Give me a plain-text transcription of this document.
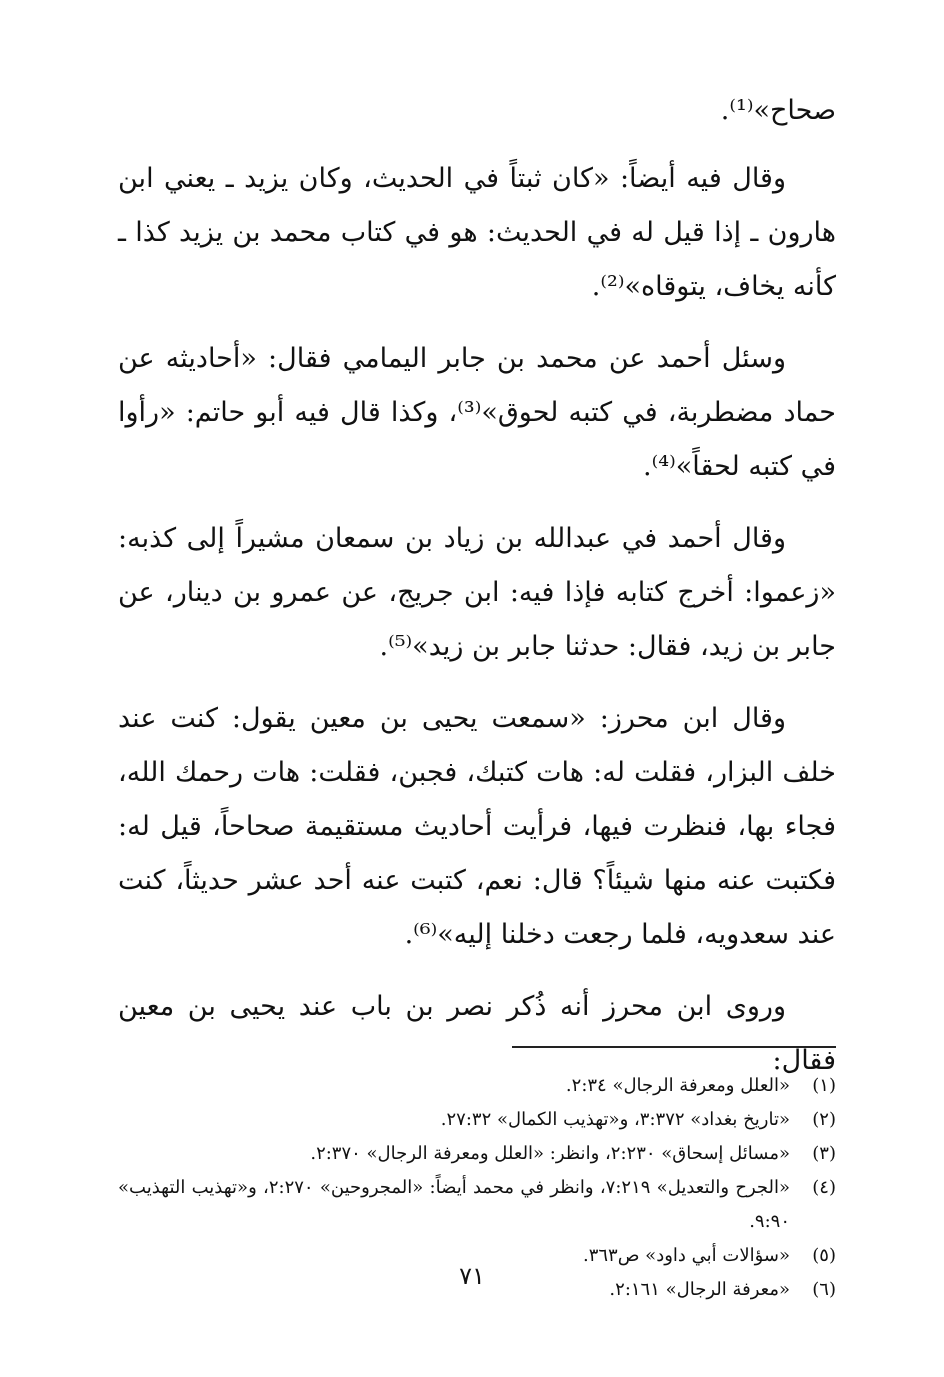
صحاح»⁽¹⁾.

وقال فيه أيضاً: «كان ثبتاً في الحديث، وكان يزيد ـ يعني ابن هارون ـ إذا قيل له في الحديث: هو في كتاب محمد بن يزيد كذا ـ كأنه يخاف، يتوقاه»⁽²⁾.

وسئل أحمد عن محمد بن جابر اليمامي فقال: «أحاديثه عن حماد مضطربة، في كتبه لحوق»⁽³⁾، وكذا قال فيه أبو حاتم: «رأوا في كتبه لحقاً»⁽⁴⁾.

وقال أحمد في عبدالله بن زياد بن سمعان مشيراً إلى كذبه: «زعموا: أخرج كتابه فإذا فيه: ابن جريج، عن عمرو بن دينار، عن جابر بن زيد، فقال: حدثنا جابر بن زيد»⁽⁵⁾.

وقال ابن محرز: «سمعت يحيى بن معين يقول: كنت عند خلف البزار، فقلت له: هات كتبك، فجبن، فقلت: هات رحمك الله، فجاء بها، فنظرت فيها، فرأيت أحاديث مستقيمة صحاحاً، قيل له: فكتبت عنه منها شيئاً؟ قال: نعم، كتبت عنه أحد عشر حديثاً، كنت عند سعدويه، فلما رجعت دخلنا إليه»⁽⁶⁾.

وروى ابن محرز أنه ذُكر نصر بن باب عند يحيى بن معين فقال:

(١)
«العلل ومعرفة الرجال» ٢:٣٤.
(٢)
«تاريخ بغداد» ٣:٣٧٢، و«تهذيب الكمال» ٢٧:٣٢.
(٣)
«مسائل إسحاق» ٢:٢٣٠، وانظر: «العلل ومعرفة الرجال» ٢:٣٧٠.
(٤)
«الجرح والتعديل» ٧:٢١٩، وانظر في محمد أيضاً: «المجروحين» ٢:٢٧٠، و«تهذيب التهذيب» ٩:٩٠.
(٥)
«سؤالات أبي داود» ص٣٦٣.
(٦)
«معرفة الرجال» ٢:١٦١.
٧١
